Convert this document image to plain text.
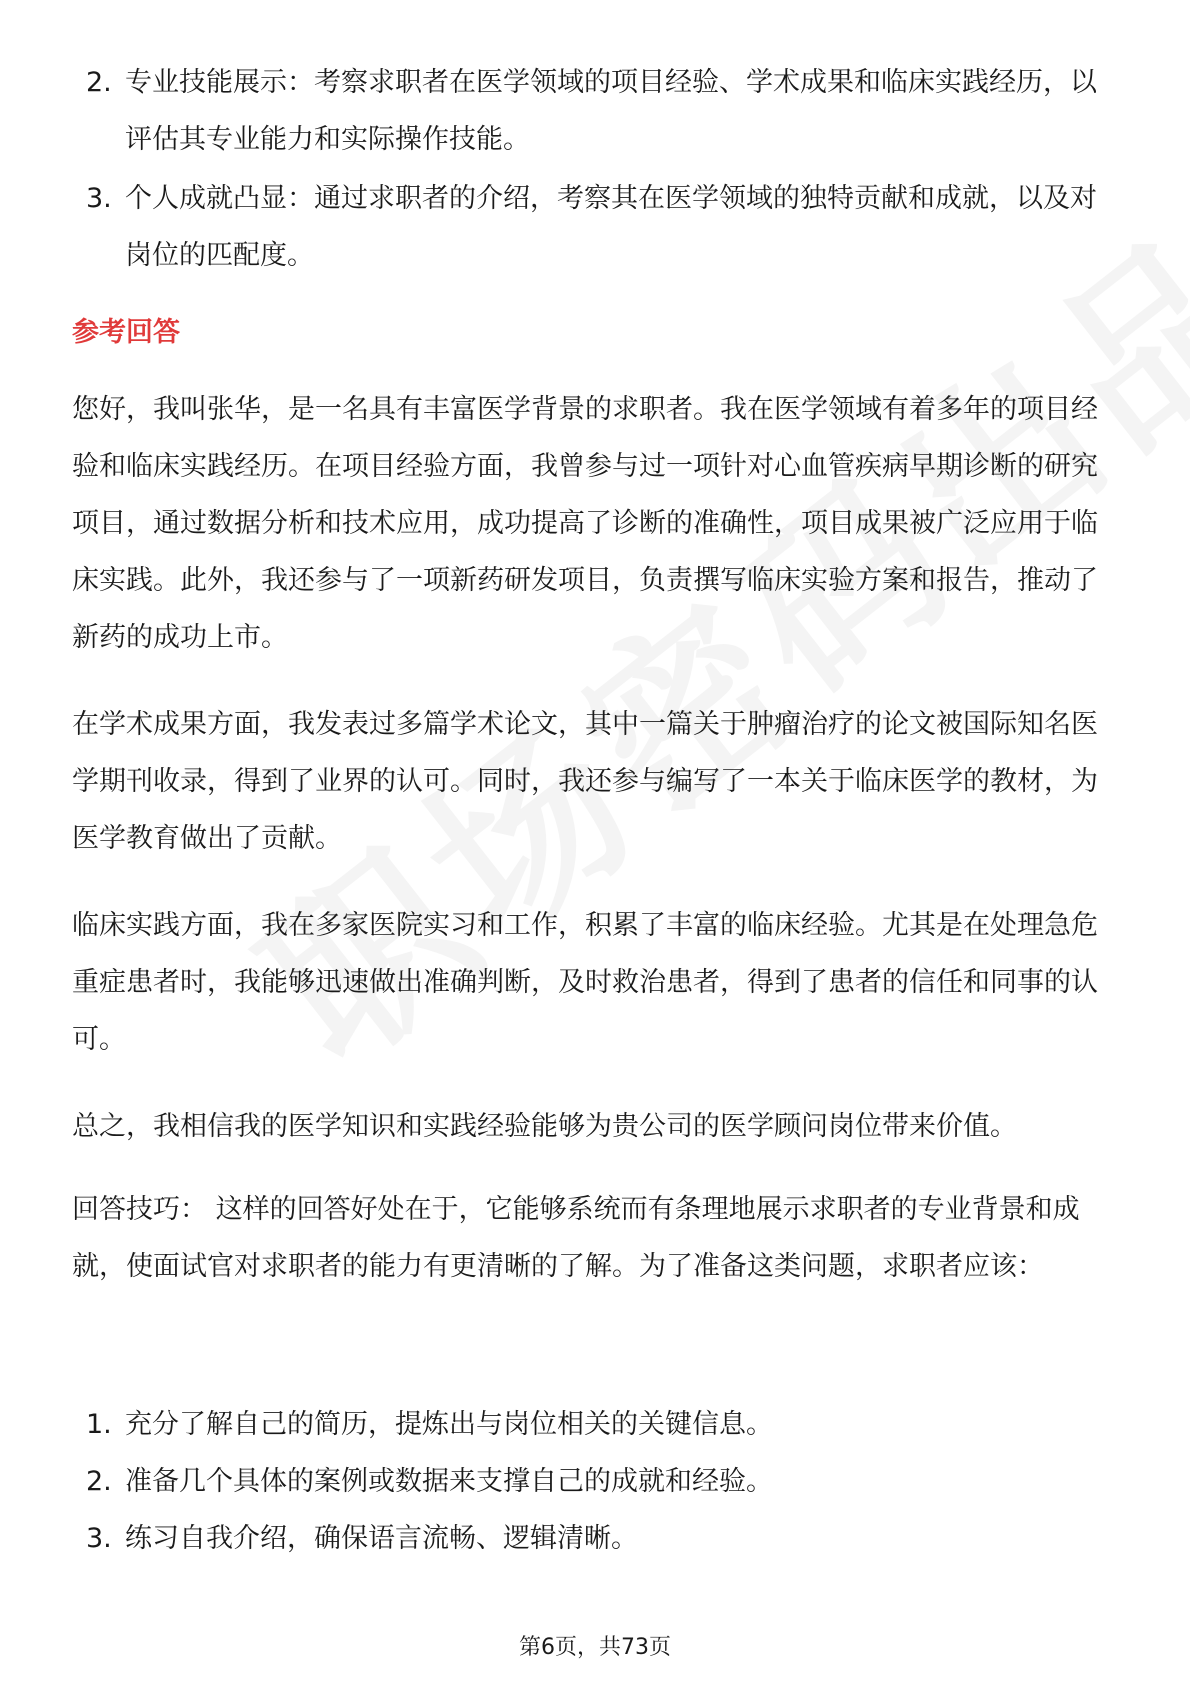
2. 专业技能展示：考察求职者在医学领域的项目经验、学术成果和临床实践经历，以评估其专业能力和实际操作技能。
3. 个人成就凸显：通过求职者的介绍，考察其在医学领域的独特贡献和成就，以及对岗位的匹配度。
参考回答

您好，我叫张华，是一名具有丰富医学背景的求职者。我在医学领域有着多年的项目经验和临床实践经历。在项目经验方面，我曾参与过一项针对心血管疾病早期诊断的研究项目，通过数据分析和技术应用，成功提高了诊断的准确性，项目成果被广泛应用于临床实践。此外，我还参与了一项新药研发项目，负责撰写临床实验方案和报告，推动了新药的成功上市。

在学术成果方面，我发表过多篇学术论文，其中一篇关于肿瘤治疗的论文被国际知名医学期刊收录，得到了业界的认可。同时，我还参与编写了一本关于临床医学的教材，为医学教育做出了贡献。

临床实践方面，我在多家医院实习和工作，积累了丰富的临床经验。尤其是在处理急危重症患者时，我能够迅速做出准确判断，及时救治患者，得到了患者的信任和同事的认可。

总之，我相信我的医学知识和实践经验能够为贵公司的医学顾问岗位带来价值。

回答技巧： 这样的回答好处在于，它能够系统而有条理地展示求职者的专业背景和成就，使面试官对求职者的能力有更清晰的了解。为了准备这类问题，求职者应该：

1. 充分了解自己的简历，提炼出与岗位相关的关键信息。
2. 准备几个具体的案例或数据来支撑自己的成就和经验。
3. 练习自我介绍，确保语言流畅、逻辑清晰。
第6页，共73页
